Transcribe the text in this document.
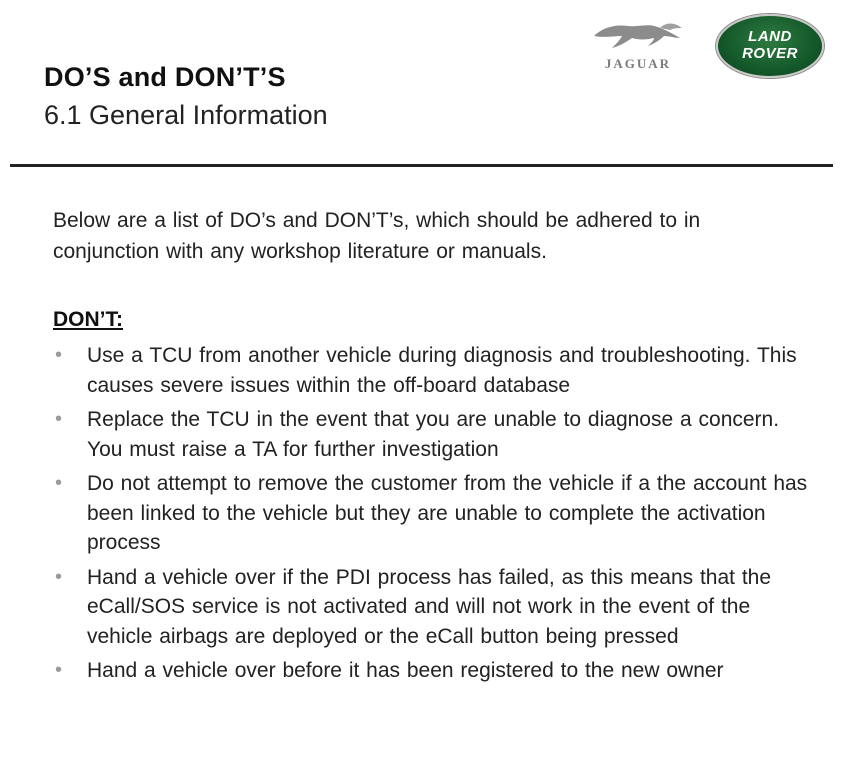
JAGUAR
LAND
ROVER
DO’S and DON’T’S
6.1 General Information
Below are a list of DO’s and DON’T’s, which should be adhered to in conjunction with any workshop literature or manuals.
DON’T:
• Use a TCU from another vehicle during diagnosis and troubleshooting. This causes severe issues within the off-board database
• Replace the TCU in the event that you are unable to diagnose a concern. You must raise a TA for further investigation
• Do not attempt to remove the customer from the vehicle if a the account has been linked to the vehicle but they are unable to complete the activation process
• Hand a vehicle over if the PDI process has failed, as this means that the eCall/SOS service is not activated and will not work in the event of the vehicle airbags are deployed or the eCall button being pressed
• Hand a vehicle over before it has been registered to the new owner
